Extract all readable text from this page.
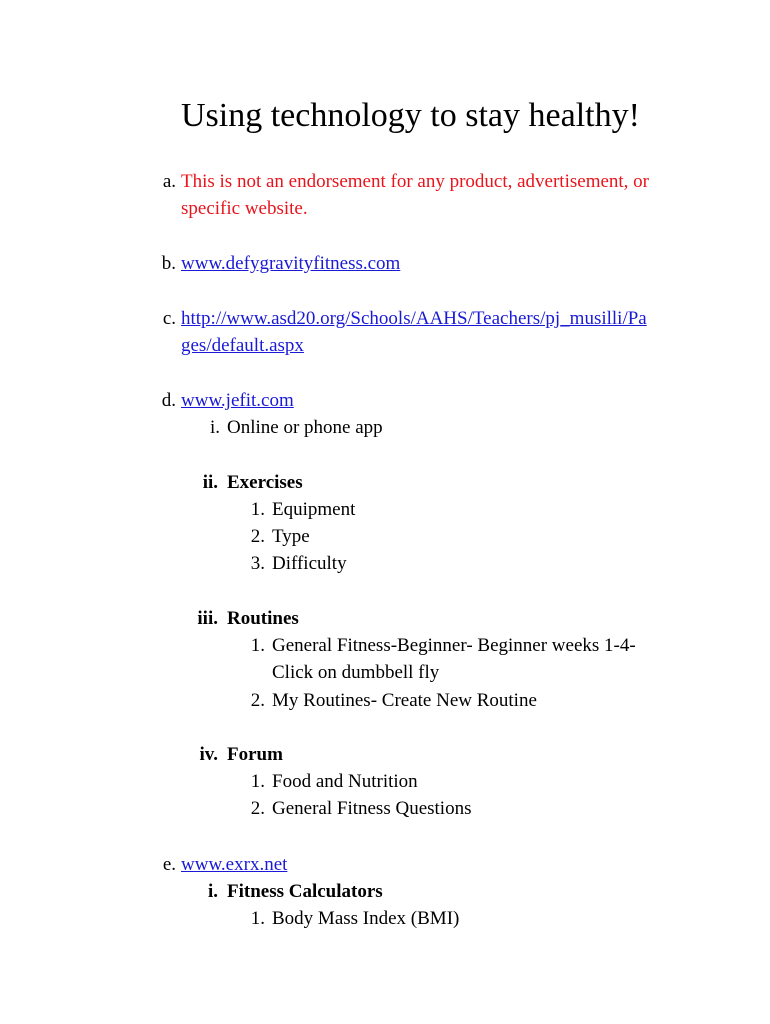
Using technology to stay healthy!
a. This is not an endorsement for any product, advertisement, or
specific website.
b. www.defygravityfitness.com
c. http://www.asd20.org/Schools/AAHS/Teachers/pj_musilli/Pa
ges/default.aspx
d. www.jefit.com
i. Online or phone app
ii. Exercises
1. Equipment
2. Type
3. Difficulty
iii. Routines
1. General Fitness-Beginner- Beginner weeks 1-4-
Click on dumbbell fly
2. My Routines- Create New Routine
iv. Forum
1. Food and Nutrition
2. General Fitness Questions
e. www.exrx.net
i. Fitness Calculators
1. Body Mass Index (BMI)
